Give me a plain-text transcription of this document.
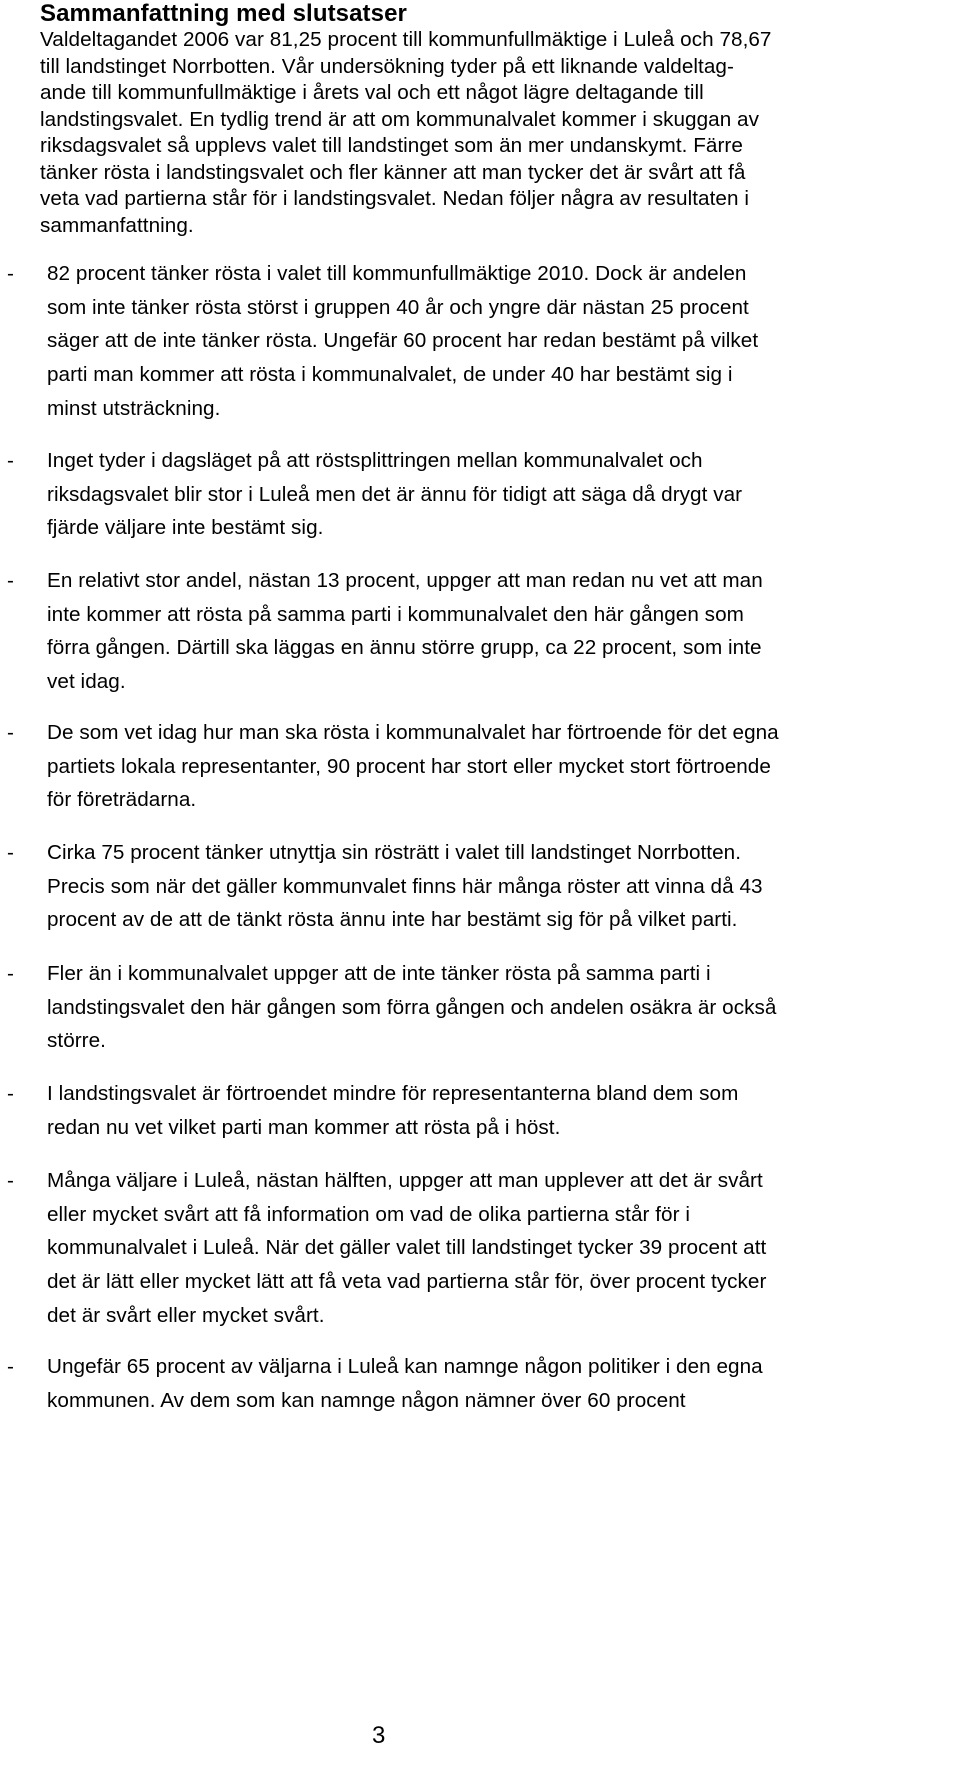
Sammanfattning med slutsatser

Valdeltagandet 2006 var 81,25 procent till kommunfullmäktige i Luleå och 78,67
till landstinget Norrbotten. Vår undersökning tyder på ett liknande valdeltag-
ande till kommunfullmäktige i årets val och ett något lägre deltagande till
landstingsvalet. En tydlig trend är att om kommunalvalet kommer i skuggan av
riksdagsvalet så upplevs valet till landstinget som än mer undanskymt. Färre
tänker rösta i landstingsvalet och fler känner att man tycker det är svårt att få
veta vad partierna står för i landstingsvalet. Nedan följer några av resultaten i
sammanfattning.

- 82 procent tänker rösta i valet till kommunfullmäktige 2010. Dock är andelen
som inte tänker rösta störst i gruppen 40 år och yngre där nästan 25 procent
säger att de inte tänker rösta. Ungefär 60 procent har redan bestämt på vilket
parti man kommer att rösta i kommunalvalet, de under 40 har bestämt sig i
minst utsträckning.

- Inget tyder i dagsläget på att röstsplittringen mellan kommunalvalet och
riksdagsvalet blir stor i Luleå men det är ännu för tidigt att säga då drygt var
fjärde väljare inte bestämt sig.

- En relativt stor andel, nästan 13 procent, uppger att man redan nu vet att man
inte kommer att rösta på samma parti i kommunalvalet den här gången som
förra gången. Därtill ska läggas en ännu större grupp, ca 22 procent, som inte
vet idag.

- De som vet idag hur man ska rösta i kommunalvalet har förtroende för det egna
partiets lokala representanter, 90 procent har stort eller mycket stort förtroende
för företrädarna.

- Cirka 75 procent tänker utnyttja sin rösträtt i valet till landstinget Norrbotten.
Precis som när det gäller kommunvalet finns här många röster att vinna då 43
procent av de att de tänkt rösta ännu inte har bestämt sig för på vilket parti.

- Fler än i kommunalvalet uppger att de inte tänker rösta på samma parti i
landstingsvalet den här gången som förra gången och andelen osäkra är också
större.

- I landstingsvalet är förtroendet mindre för representanterna bland dem som
redan nu vet vilket parti man kommer att rösta på i höst.

- Många väljare i Luleå, nästan hälften, uppger att man upplever att det är svårt
eller mycket svårt att få information om vad de olika partierna står för i
kommunalvalet i Luleå. När det gäller valet till landstinget tycker 39 procent att
det är lätt eller mycket lätt att få veta vad partierna står för, över procent tycker
det är svårt eller mycket svårt.

- Ungefär 65 procent av väljarna i Luleå kan namnge någon politiker i den egna
kommunen. Av dem som kan namnge någon nämner över 60 procent

3
